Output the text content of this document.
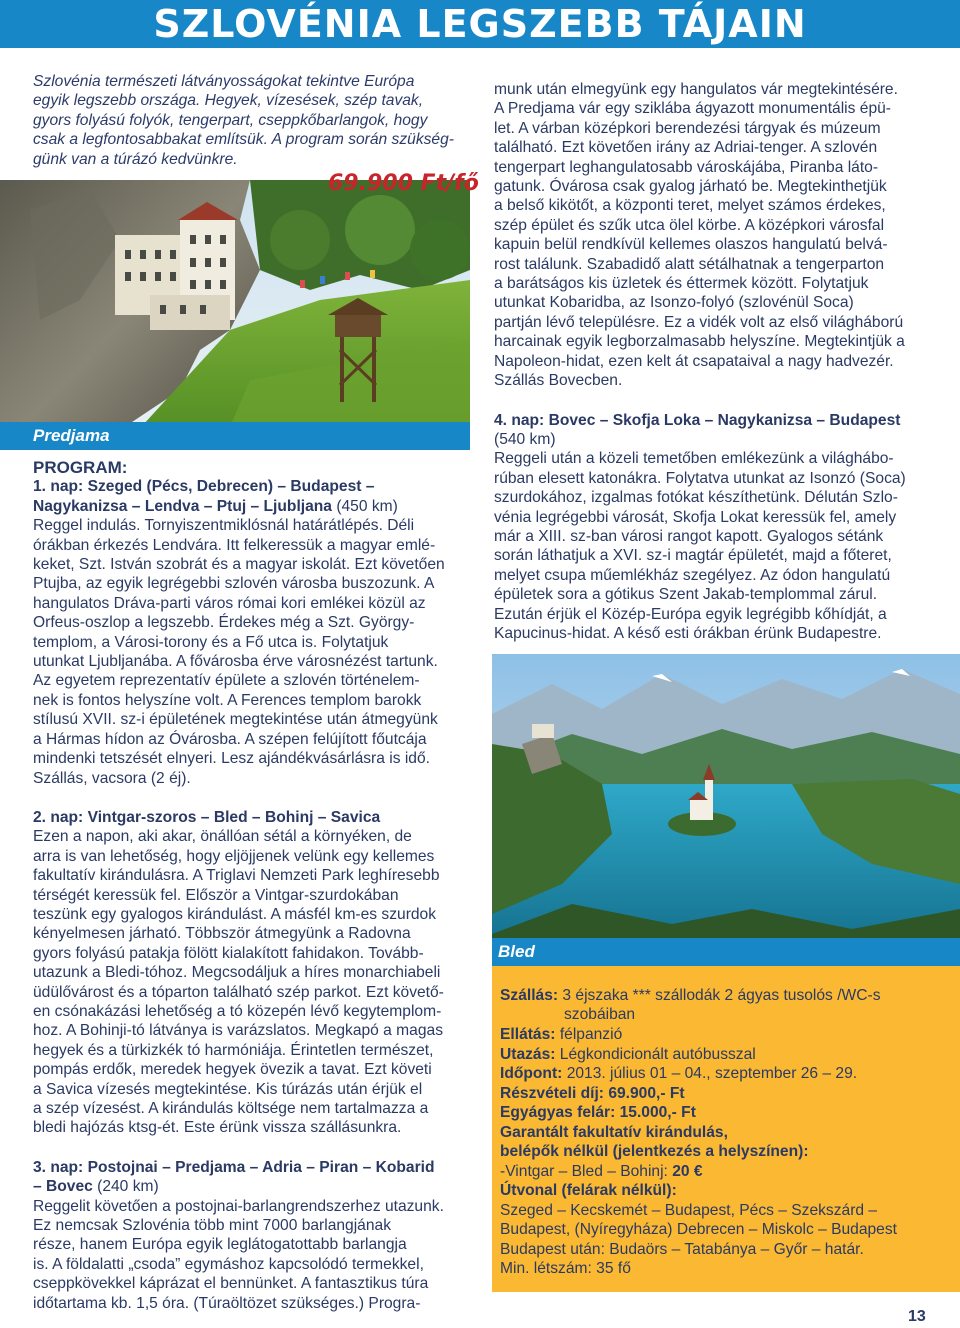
SZLOVÉNIA LEGSZEBB TÁJAIN
Szlovénia természeti látványosságokat tekintve Európa
egyik legszebb országa. Hegyek, vízesések, szép tavak,
gyors folyású folyók, tengerpart, cseppkőbarlangok, hogy
csak a legfontosabbakat említsük. A program során szükség-
günk van a túrázó kedvünkre.
Predjama
69.900 Ft/fő
PROGRAM:
1. nap: Szeged (Pécs, Debrecen) – Budapest –
Nagykanizsa – Lendva – Ptuj – Ljubljana (450 km)
Reggel indulás. Tornyiszentmiklósnál határátlépés. Déli
órákban érkezés Lendvára. Itt felkeressük a magyar emlé-
keket, Szt. István szobrát és a magyar iskolát. Ezt követően
Ptujba, az egyik legrégebbi szlovén városba buszozunk. A
hangulatos Dráva-parti város római kori emlékei közül az
Orfeus-oszlop a legszebb. Érdekes még a Szt. György-
templom, a Városi-torony és a Fő utca is. Folytatjuk
utunkat Ljubljanába. A fővárosba érve városnézést tartunk.
Az egyetem reprezentatív épülete a szlovén történelem-
nek is fontos helyszíne volt. A Ferences templom barokk
stílusú XVII. sz-i épületének megtekintése után átmegyünk
a Hármas hídon az Óvárosba. A szépen felújított főutcája
mindenki tetszését elnyeri. Lesz ajándékvásárlásra is idő.
Szállás, vacsora (2 éj).
2. nap: Vintgar-szoros – Bled – Bohinj – Savica
Ezen a napon, aki akar, önállóan sétál a környéken, de
arra is van lehetőség, hogy eljöjjenek velünk egy kellemes
fakultatív kirándulásra. A Triglavi Nemzeti Park leghíresebb
térségét keressük fel. Először a Vintgar-szurdokában
teszünk egy gyalogos kirándulást. A másfél km-es szurdok
kényelmesen járható. Többször átmegyünk a Radovna
gyors folyású patakja fölött kialakított fahidakon. Tovább-
utazunk a Bledi-tóhoz. Megcsodáljuk a híres monarchiabeli
üdülővárost és a tóparton található szép parkot. Ezt követő-
en csónakázási lehetőség a tó közepén lévő kegytemplom-
hoz. A Bohinji-tó látványa is varázslatos. Megkapó a magas
hegyek és a türkizkék tó harmóniája. Érintetlen természet,
pompás erdők, meredek hegyek övezik a tavat. Ezt követi
a Savica vízesés megtekintése. Kis túrázás után érjük el
a szép vízesést. A kirándulás költsége nem tartalmazza a
bledi hajózás ktsg-ét. Este érünk vissza szállásunkra.
3. nap: Postojnai – Predjama – Adria – Piran – Kobarid
– Bovec (240 km)
Reggelit követően a postojnai-barlangrendszerhez utazunk.
Ez nemcsak Szlovénia több mint 7000 barlangjának
része, hanem Európa egyik leglátogatottabb barlangja
is. A földalatti „csoda” egymáshoz kapcsolódó termekkel,
cseppkövekkel káprázat el bennünket. A fantasztikus túra
időtartama kb. 1,5 óra. (Túraöltözet szükséges.) Progra-
munk után elmegyünk egy hangulatos vár megtekintésére.
A Predjama vár egy sziklába ágyazott monumentális épü-
let. A várban középkori berendezési tárgyak és múzeum
található. Ezt követően irány az Adriai-tenger. A szlovén
tengerpart leghangulatosabb városkájába, Piranba láto-
gatunk. Óvárosa csak gyalog járható be. Megtekinthetjük
a belső kikötőt, a központi teret, melyet számos érdekes,
szép épület és szűk utca ölel körbe. A középkori városfal
kapuin belül rendkívül kellemes olaszos hangulatú belvá-
rost találunk. Szabadidő alatt sétálhatnak a tengerparton
a barátságos kis üzletek és éttermek között. Folytatjuk
utunkat Kobaridba, az Isonzo-folyó (szlovénül Soca)
partján lévő településre. Ez a vidék volt az első világháború
harcainak egyik legborzalmasabb helyszíne. Megtekintjük a
Napoleon-hidat, ezen kelt át csapataival a nagy hadvezér.
Szállás Bovecben.
4. nap: Bovec – Skofja Loka – Nagykanizsa – Budapest
(540 km)
Reggeli után a közeli temetőben emlékezünk a világhábo-
rúban elesett katonákra. Folytatva utunkat az Isonzó (Soca)
szurdokához, izgalmas fotókat készíthetünk. Délután Szlo-
vénia legrégebbi városát, Skofja Lokat keressük fel, amely
már a XIII. sz-ban városi rangot kapott. Gyalogos sétánk
során láthatjuk a XVI. sz-i magtár épületét, majd a főteret,
melyet csupa műemlékház szegélyez. Az ódon hangulatú
épületek sora a gótikus Szent Jakab-templommal zárul.
Ezután érjük el Közép-Európa egyik legrégibb kőhídját, a
Kapucinus-hidat. A késő esti órákban érünk Budapestre.
Bled
Szállás: 3 éjszaka *** szállodák 2 ágyas tusolós /WC-s
szobáiban
Ellátás: félpanzió
Utazás: Légkondicionált autóbusszal
Időpont: 2013. július 01 – 04., szeptember 26 – 29.
Részvételi díj: 69.900,- Ft
Egyágyas felár: 15.000,- Ft
Garantált fakultatív kirándulás,
belépők nélkül (jelentkezés a helyszínen):
-Vintgar – Bled – Bohinj: 20 €
Útvonal (felárak nélkül):
Szeged – Kecskemét – Budapest, Pécs – Szekszárd –
Budapest, (Nyíregyháza) Debrecen – Miskolc – Budapest
Budapest után: Budaörs – Tatabánya – Győr – határ.
Min. létszám: 35 fő
13
